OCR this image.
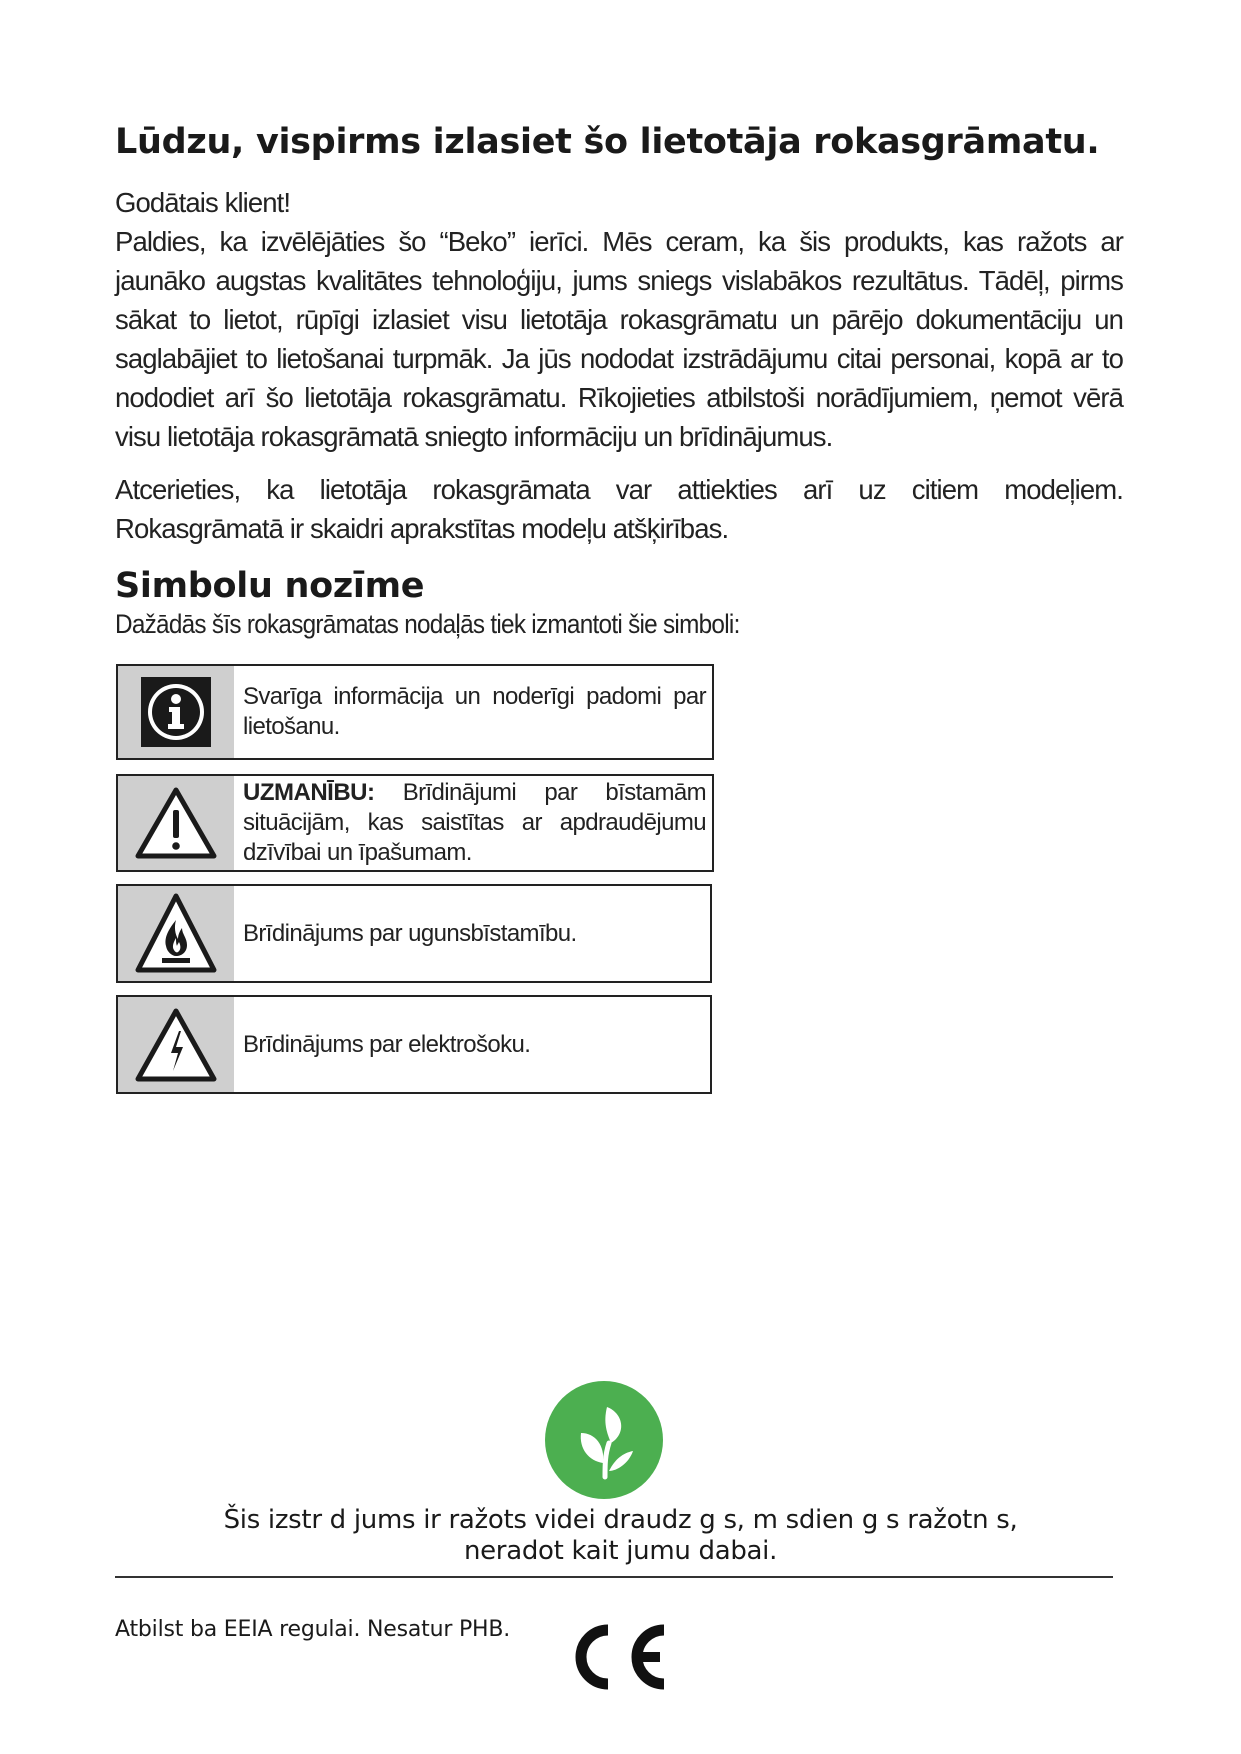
Lūdzu, vispirms izlasiet šo lietotāja rokasgrāmatu.

Godātais klient!

Paldies, ka izvēlējāties šo “Beko” ierīci. Mēs ceram, ka šis produkts, kas ražots ar jaunāko augstas kvalitātes tehnoloģiju, jums sniegs vislabākos rezultātus. Tādēļ, pirms sākat to lietot, rūpīgi izlasiet visu lietotāja rokasgrāmatu un pārējo dokumentāciju un saglabājiet to lietošanai turpmāk. Ja jūs nododat izstrādājumu citai personai, kopā ar to nododiet arī šo lietotāja rokasgrāmatu. Rīkojieties atbilstoši norādījumiem, ņemot vērā visu lietotāja rokasgrāmatā sniegto informāciju un brīdinājumus.

Atcerieties, ka lietotāja rokasgrāmata var attiekties arī uz citiem modeļiem. Rokasgrāmatā ir skaidri aprakstītas modeļu atšķirības.

Simbolu nozīme

Dažādās šīs rokasgrāmatas nodaļās tiek izmantoti šie simboli:

Svarīga informācija un noderīgi padomi par lietošanu.
UZMANĪBU: Brīdinājumi par bīstamām situācijām, kas saistītas ar apdraudējumu dzīvībai un īpašumam.
Brīdinājums par ugunsbīstamību.
Brīdinājums par elektrošoku.

Šis izstr d jums ir ražots videi draudz g s, m sdien g s ražotn s,
neradot kait jumu dabai.

Atbilst ba EEIA regulai. Nesatur PHB.
